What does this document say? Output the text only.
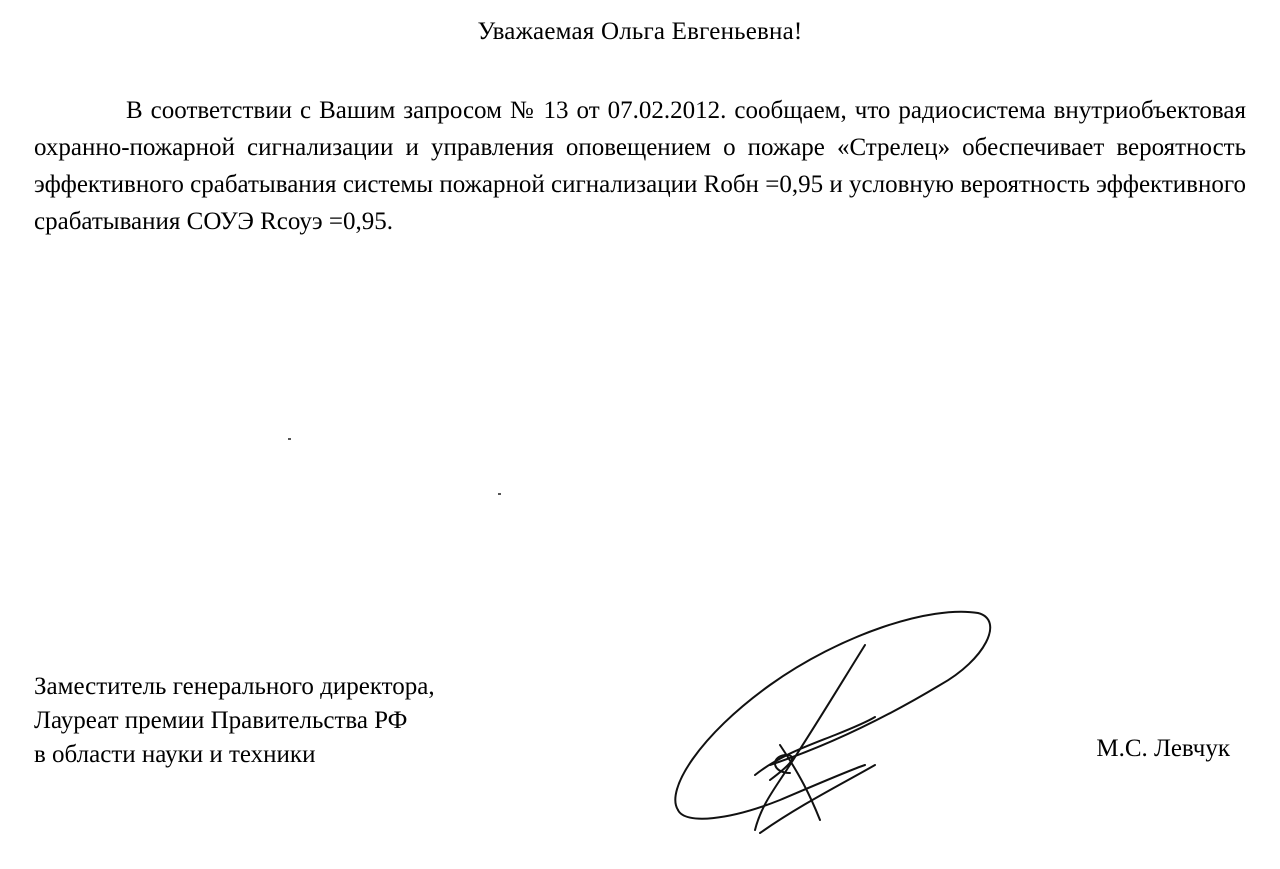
Уважаемая Ольга Евгеньевна!

В соответствии с Вашим запросом № 13 от 07.02.2012. сообщаем, что радиосистема внутриобъектовая охранно-пожарной сигнализации и управления оповещением о пожаре «Стрелец» обеспечивает вероятность эффективного срабатывания системы пожарной сигнализации Rобн =0,95 и условную вероятность эффективного срабатывания СОУЭ Rсоуэ =0,95.

Заместитель генерального директора,
Лауреат премии Правительства РФ
в области науки и техники	М.С. Левчук
